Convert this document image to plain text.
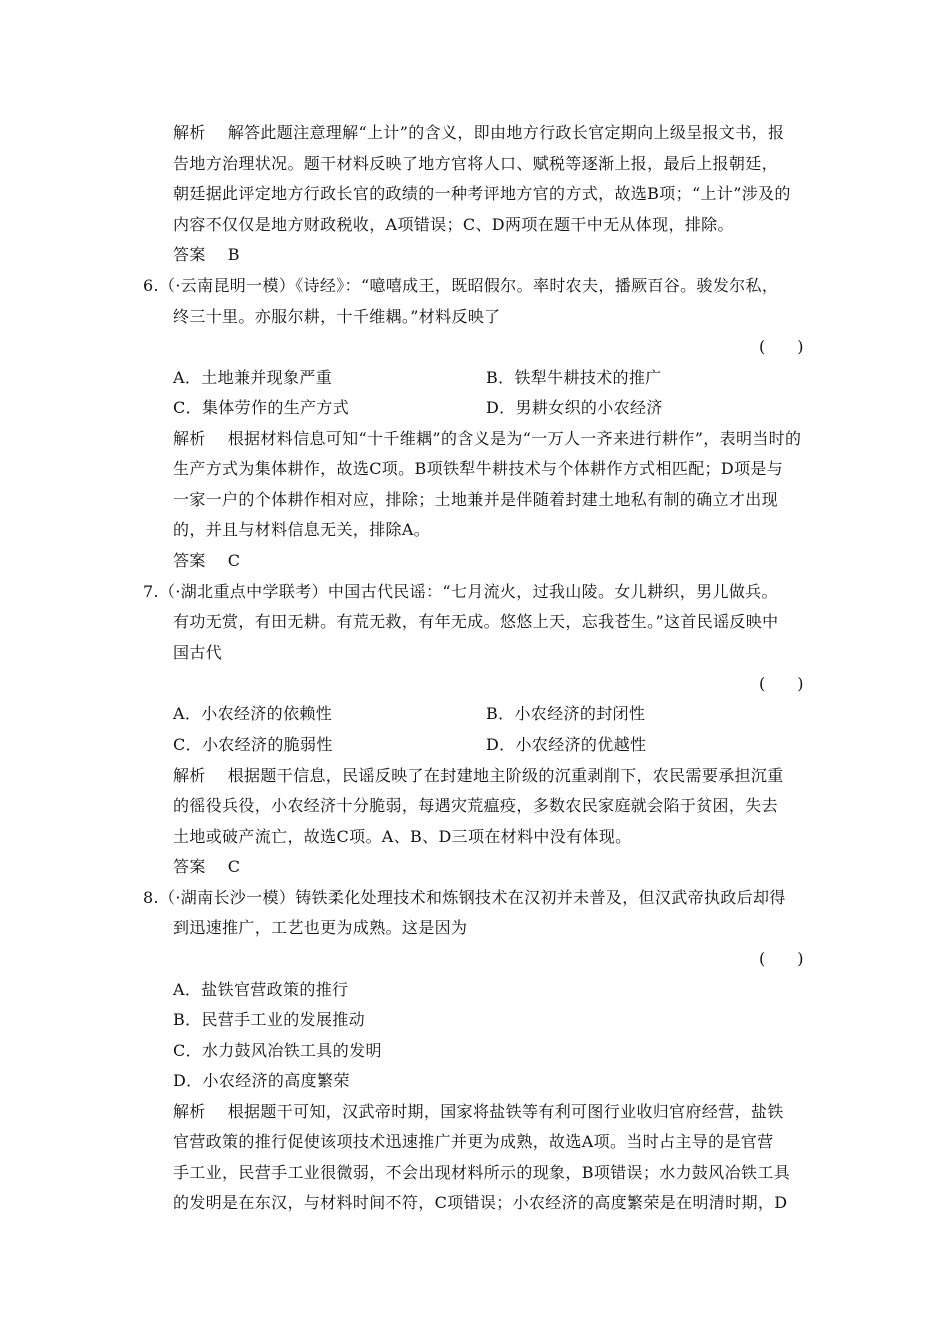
解析 解答此题注意理解“上计”的含义，即由地方行政长官定期向上级呈报文书，报
告地方治理状况。题干材料反映了地方官将人口、赋税等逐渐上报，最后上报朝廷，
朝廷据此评定地方行政长官的政绩的一种考评地方官的方式，故选B项；“上计”涉及的
内容不仅仅是地方财政税收，A项错误；C、D两项在题干中无从体现，排除。
答案 B
6.（·云南昆明一模）《诗经》：“噫嘻成王，既昭假尔。率时农夫，播厥百谷。骏发尔私，
终三十里。亦服尔耕，十千维耦。”材料反映了
(　　)
A．土地兼并现象严重	B．铁犁牛耕技术的推广
C．集体劳作的生产方式	D．男耕女织的小农经济
解析 根据材料信息可知“十千维耦”的含义是为“一万人一齐来进行耕作”，表明当时的
生产方式为集体耕作，故选C项。B项铁犁牛耕技术与个体耕作方式相匹配；D项是与
一家一户的个体耕作相对应，排除；土地兼并是伴随着封建土地私有制的确立才出现
的，并且与材料信息无关，排除A。
答案 C
7.（·湖北重点中学联考）中国古代民谣：“七月流火，过我山陵。女儿耕织，男儿做兵。
有功无赏，有田无耕。有荒无救，有年无成。悠悠上天，忘我苍生。”这首民谣反映中
国古代
(　　)
A．小农经济的依赖性	B．小农经济的封闭性
C．小农经济的脆弱性	D．小农经济的优越性
解析 根据题干信息，民谣反映了在封建地主阶级的沉重剥削下，农民需要承担沉重
的徭役兵役，小农经济十分脆弱，每遇灾荒瘟疫，多数农民家庭就会陷于贫困，失去
土地或破产流亡，故选C项。A、B、D三项在材料中没有体现。
答案 C
8.（·湖南长沙一模）铸铁柔化处理技术和炼钢技术在汉初并未普及，但汉武帝执政后却得
到迅速推广，工艺也更为成熟。这是因为
(　　)
A．盐铁官营政策的推行
B．民营手工业的发展推动
C．水力鼓风冶铁工具的发明
D．小农经济的高度繁荣
解析 根据题干可知，汉武帝时期，国家将盐铁等有利可图行业收归官府经营，盐铁
官营政策的推行促使该项技术迅速推广并更为成熟，故选A项。当时占主导的是官营
手工业，民营手工业很微弱，不会出现材料所示的现象，B项错误；水力鼓风冶铁工具
的发明是在东汉，与材料时间不符，C项错误；小农经济的高度繁荣是在明清时期，D
